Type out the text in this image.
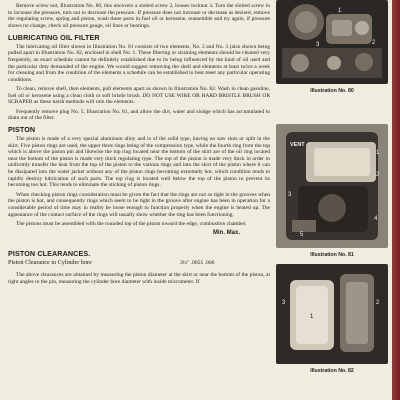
Remove screw nut, Illustration No. 80, this uncovers a slotted screw 2, bosses locknut 3. Turn the slotted screw in to increase the pressure, turn out to decrease the pressure. If pressure does not increase or decrease as desired, remove the regulating screw, spring and piston, wash these parts in fuel oil or kerosene, reassemble and try again, if pressure shows no change, check oil pressure gauge, oil lines or bearings.

LUBRICATING OIL FILTER

The lubricating oil filter shown in Illustration No. 81 consists of two elements, No. 2 and No. 3 (also shown being pulled apart in Illustration No. 82, enclosed in shell No. 1. These filtering or straining elements should be cleaned very frequently, an exact schedule cannot be definitely established due to its being influenced by the kind of oil used and the particular duty demanded of the engine. We would suggest removing the shell and elements at least twice a week for cleaning and from the condition of the elements a schedule can be established to best meet any particular operating conditions.

To clean, remove shell, then elements, pull elements apart as shown in Illustration No. 82. Wash in clean gasoline, fuel oil or kerosene using a clean cloth or soft bristle brush. DO NOT USE WIRE OR HARD BRISTLE BRUSH OR SCRAPER as these harsh methods will ruin the elements.

Frequently remove plug No. 5, Illustration No. 81, and allow the dirt, water and sludge which has accumulated to drain out of the filter.

PISTON

The piston is made of a very special aluminum alloy and is of the solid type, having no saw slots or split in the skirt. Five piston rings are used, the upper three rings being of the compression type, while the fourth ring from the top which is above the piston pin and likewise the top ring located near the bottom of the skirt are of the oil ring located near the bottom of the piston is made very thick regulating type. The top of the piston is made very thick in order to uniformly transfer the heat from the top of the piston to the various rings and into the skirt of the piston where it can be dissipated into the water jacket without any of the piston rings becoming extremely hot, which condition tends to rapidly destroy lubrication of such parts. The top ring is located well below the top of the piston to prevent its becoming too hot. This tends to eliminate the sticking of piston rings.

When checking piston rings consideration must be given the fact that the rings are not so tight in the grooves when the piston is hot, and consequently rings which seem to be tight in the groove after engine has been in operation for a considerable period of time may in reality be loose enough to function properly when the engine is heated up. The appearance of the contact surface of the rings will usually show whether the ring has been functioning.

The pistons must be assembled with the rounded top of the piston toward the edge, combustion chamber.

Min. Max.
PISTON CLEARANCES.
Piston Clearance in Cylinder bore	3¼" .0055 .006

The above clearances are obtained by measuring the piston diameter at the skirt or near the bottom of the piston, at right angles to the pin, measuring the cylinder bore diameter with inside micrometer. If

1
2
3
Illustration No. 80
VENT
1
2
3
4
5
Illustration No. 81
1
2
3
Illustration No. 82
